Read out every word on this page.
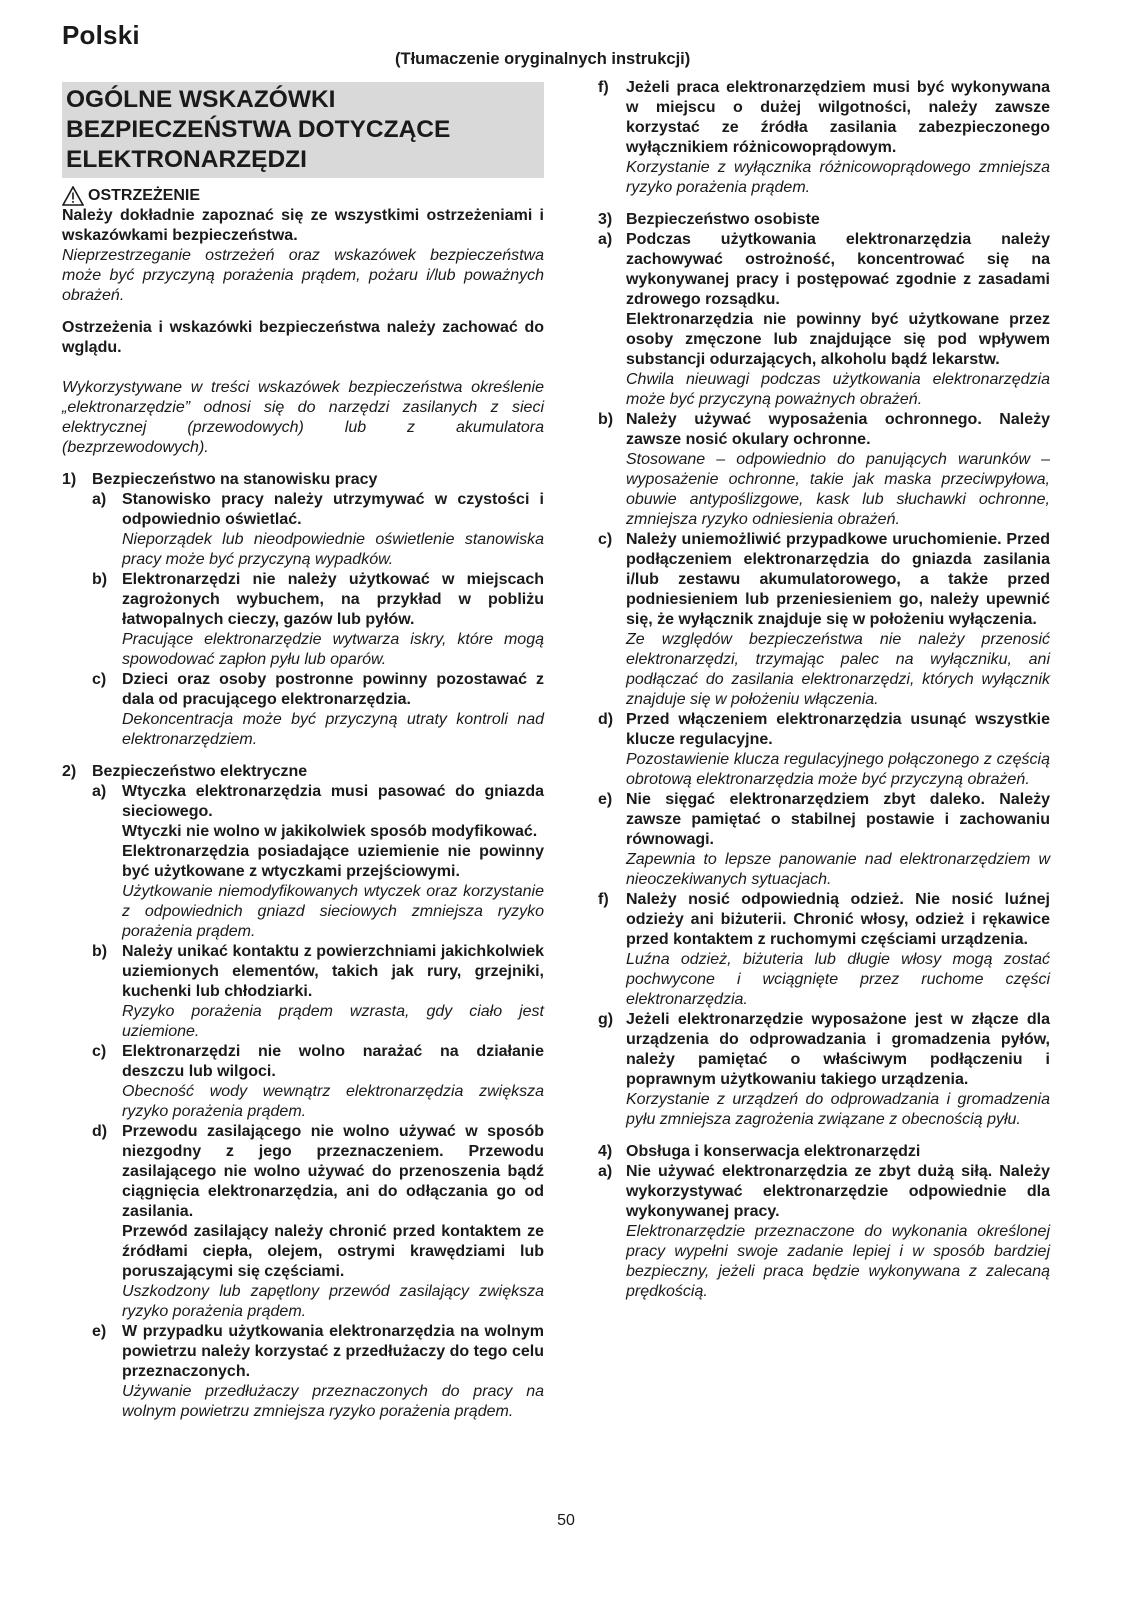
Polski
(Tłumaczenie oryginalnych instrukcji)
OGÓLNE WSKAZÓWKI
BEZPIECZEŃSTWA DOTYCZĄCE
ELEKTRONARZĘDZI
OSTRZEŻENIE

Należy dokładnie zapoznać się ze wszystkimi ostrzeżeniami i wskazówkami bezpieczeństwa.

Nieprzestrzeganie ostrzeżeń oraz wskazówek bezpieczeństwa może być przyczyną porażenia prądem, pożaru i/lub poważnych obrażeń.

Ostrzeżenia i wskazówki bezpieczeństwa należy zachować do wglądu.

Wykorzystywane w treści wskazówek bezpieczeństwa określenie „elektronarzędzie” odnosi się do narzędzi zasilanych z sieci elektrycznej (przewodowych) lub z akumulatora (bezprzewodowych).

1) Bezpieczeństwo na stanowisku pracy
a) Stanowisko pracy należy utrzymywać w czystości i odpowiednio oświetlać.

Nieporządek lub nieodpowiednie oświetlenie stanowiska pracy może być przyczyną wypadków.

b) Elektronarzędzi nie należy użytkować w miejscach zagrożonych wybuchem, na przykład w pobliżu łatwopalnych cieczy, gazów lub pyłów.

Pracujące elektronarzędzie wytwarza iskry, które mogą spowodować zapłon pyłu lub oparów.

c) Dzieci oraz osoby postronne powinny pozostawać z dala od pracującego elektronarzędzia.

Dekoncentracja może być przyczyną utraty kontroli nad elektronarzędziem.

2) Bezpieczeństwo elektryczne
a) Wtyczka elektronarzędzia musi pasować do gniazda sieciowego.

Wtyczki nie wolno w jakikolwiek sposób modyfikować.

Elektronarzędzia posiadające uziemienie nie powinny być użytkowane z wtyczkami przejściowymi.

Użytkowanie niemodyfikowanych wtyczek oraz korzystanie z odpowiednich gniazd sieciowych zmniejsza ryzyko porażenia prądem.

b) Należy unikać kontaktu z powierzchniami jakichkolwiek uziemionych elementów, takich jak rury, grzejniki, kuchenki lub chłodziarki.

Ryzyko porażenia prądem wzrasta, gdy ciało jest uziemione.

c) Elektronarzędzi nie wolno narażać na działanie deszczu lub wilgoci.

Obecność wody wewnątrz elektronarzędzia zwiększa ryzyko porażenia prądem.

d) Przewodu zasilającego nie wolno używać w sposób niezgodny z jego przeznaczeniem. Przewodu zasilającego nie wolno używać do przenoszenia bądź ciągnięcia elektronarzędzia, ani do odłączania go od zasilania.

Przewód zasilający należy chronić przed kontaktem ze źródłami ciepła, olejem, ostrymi krawędziami lub poruszającymi się częściami.

Uszkodzony lub zapętlony przewód zasilający zwiększa ryzyko porażenia prądem.

e) W przypadku użytkowania elektronarzędzia na wolnym powietrzu należy korzystać z przedłużaczy do tego celu przeznaczonych.

Używanie przedłużaczy przeznaczonych do pracy na wolnym powietrzu zmniejsza ryzyko porażenia prądem.

f)	Jeżeli praca elektronarzędziem musi być wykonywana w miejscu o dużej wilgotności, należy zawsze korzystać ze źródła zasilania zabezpieczonego wyłącznikiem różnicowoprądowym.

Korzystanie z wyłącznika różnicowoprądowego zmniejsza ryzyko porażenia prądem.

3) Bezpieczeństwo osobiste
a) Podczas użytkowania elektronarzędzia należy zachowywać ostrożność, koncentrować się na wykonywanej pracy i postępować zgodnie z zasadami zdrowego rozsądku.

Elektronarzędzia nie powinny być użytkowane przez osoby zmęczone lub znajdujące się pod wpływem substancji odurzających, alkoholu bądź lekarstw.

Chwila nieuwagi podczas użytkowania elektronarzędzia może być przyczyną poważnych obrażeń.

b) Należy używać wyposażenia ochronnego. Należy zawsze nosić okulary ochronne.

Stosowane – odpowiednio do panujących warunków – wyposażenie ochronne, takie jak maska przeciwpyłowa, obuwie antypoślizgowe, kask lub słuchawki ochronne, zmniejsza ryzyko odniesienia obrażeń.

c) Należy uniemożliwić przypadkowe uruchomienie. Przed podłączeniem elektronarzędzia do gniazda zasilania i/lub zestawu akumulatorowego, a także przed podniesieniem lub przeniesieniem go, należy upewnić się, że wyłącznik znajduje się w położeniu wyłączenia.

Ze względów bezpieczeństwa nie należy przenosić elektronarzędzi, trzymając palec na wyłączniku, ani podłączać do zasilania elektronarzędzi, których wyłącznik znajduje się w położeniu włączenia.

d) Przed włączeniem elektronarzędzia usunąć wszystkie klucze regulacyjne.

Pozostawienie klucza regulacyjnego połączonego z częścią obrotową elektronarzędzia może być przyczyną obrażeń.

e) Nie sięgać elektronarzędziem zbyt daleko. Należy zawsze pamiętać o stabilnej postawie i zachowaniu równowagi.

Zapewnia to lepsze panowanie nad elektronarzędziem w nieoczekiwanych sytuacjach.

f)	Należy nosić odpowiednią odzież. Nie nosić luźnej odzieży ani biżuterii. Chronić włosy, odzież i rękawice przed kontaktem z ruchomymi częściami urządzenia.

Luźna odzież, biżuteria lub długie włosy mogą zostać pochwycone i wciągnięte przez ruchome części elektronarzędzia.

g) Jeżeli elektronarzędzie wyposażone jest w złącze dla urządzenia do odprowadzania i gromadzenia pyłów, należy pamiętać o właściwym podłączeniu i poprawnym użytkowaniu takiego urządzenia.

Korzystanie z urządzeń do odprowadzania i gromadzenia pyłu zmniejsza zagrożenia związane z obecnością pyłu.

4) Obsługa i konserwacja elektronarzędzi
a) Nie używać elektronarzędzia ze zbyt dużą siłą. Należy wykorzystywać elektronarzędzie odpowiednie dla wykonywanej pracy.

Elektronarzędzie przeznaczone do wykonania określonej pracy wypełni swoje zadanie lepiej i w sposób bardziej bezpieczny, jeżeli praca będzie wykonywana z zalecaną prędkością.

50
